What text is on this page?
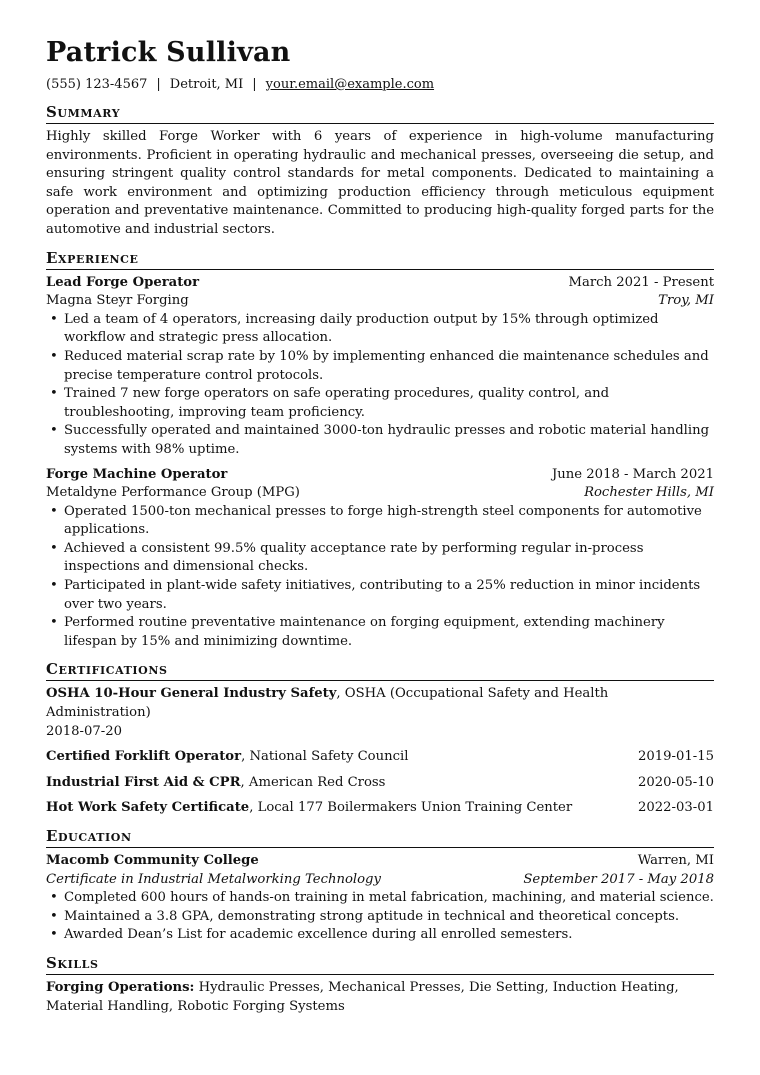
Patrick Sullivan
(555) 123-4567 | Detroit, MI | your.email@example.com
Summary
Highly skilled Forge Worker with 6 years of experience in high-volume manufacturing environments. Proficient in operating hydraulic and mechanical presses, overseeing die setup, and ensuring stringent quality control standards for metal components. Dedicated to maintaining a safe work environment and optimizing production efficiency through meticulous equipment operation and preventative maintenance. Committed to producing high-quality forged parts for the automotive and industrial sectors.
Experience
Lead Forge Operator	March 2021 - Present
Magna Steyr Forging	Troy, MI
• Led a team of 4 operators, increasing daily production output by 15% through optimized workflow and strategic press allocation.
• Reduced material scrap rate by 10% by implementing enhanced die maintenance schedules and precise temperature control protocols.
• Trained 7 new forge operators on safe operating procedures, quality control, and troubleshooting, improving team proficiency.
• Successfully operated and maintained 3000-ton hydraulic presses and robotic material handling systems with 98% uptime.
Forge Machine Operator	June 2018 - March 2021
Metaldyne Performance Group (MPG)	Rochester Hills, MI
• Operated 1500-ton mechanical presses to forge high-strength steel components for automotive applications.
• Achieved a consistent 99.5% quality acceptance rate by performing regular in-process inspections and dimensional checks.
• Participated in plant-wide safety initiatives, contributing to a 25% reduction in minor incidents over two years.
• Performed routine preventative maintenance on forging equipment, extending machinery lifespan by 15% and minimizing downtime.
Certifications
OSHA 10-Hour General Industry Safety, OSHA (Occupational Safety and Health Administration)
2018-07-20
Certified Forklift Operator, National Safety Council	2019-01-15
Industrial First Aid & CPR, American Red Cross	2020-05-10
Hot Work Safety Certificate, Local 177 Boilermakers Union Training Center	2022-03-01
Education
Macomb Community College	Warren, MI
Certificate in Industrial Metalworking Technology	September 2017 - May 2018
• Completed 600 hours of hands-on training in metal fabrication, machining, and material science.
• Maintained a 3.8 GPA, demonstrating strong aptitude in technical and theoretical concepts.
• Awarded Dean’s List for academic excellence during all enrolled semesters.
Skills
Forging Operations: Hydraulic Presses, Mechanical Presses, Die Setting, Induction Heating, Material Handling, Robotic Forging Systems
